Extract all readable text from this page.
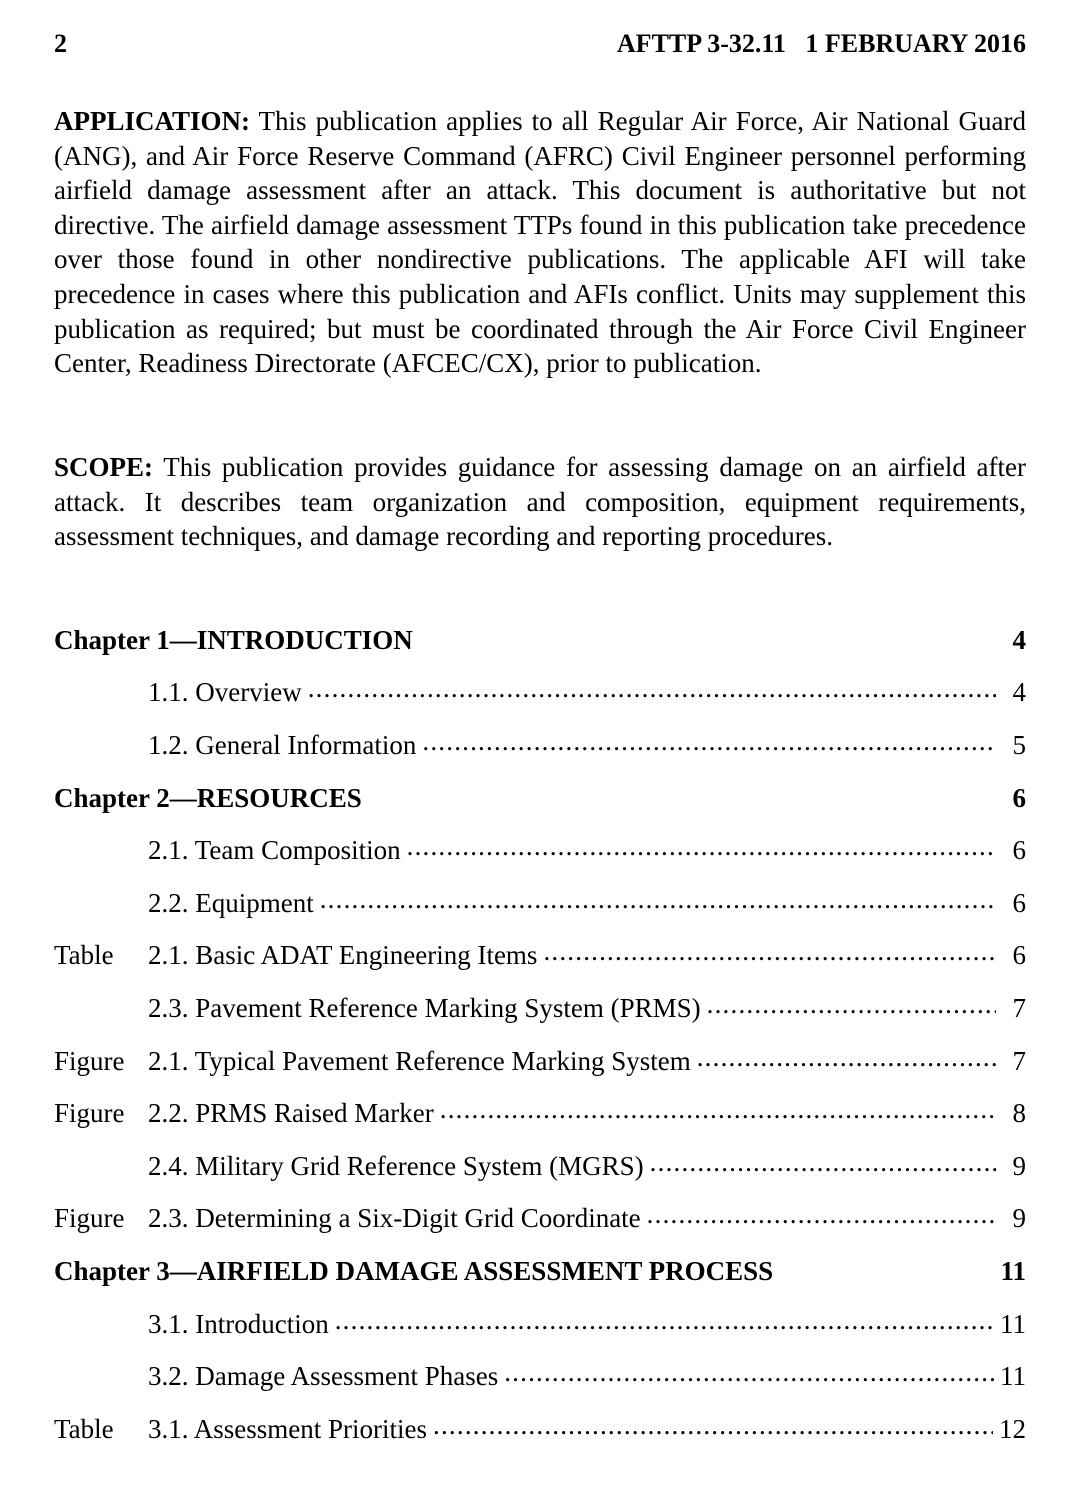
2	AFTTP 3-32.11   1 FEBRUARY 2016

APPLICATION: This publication applies to all Regular Air Force, Air National Guard (ANG), and Air Force Reserve Command (AFRC) Civil Engineer personnel performing airfield damage assessment after an attack. This document is authoritative but not directive. The airfield damage assessment TTPs found in this publication take precedence over those found in other nondirective publications. The applicable AFI will take precedence in cases where this publication and AFIs conflict. Units may supplement this publication as required; but must be coordinated through the Air Force Civil Engineer Center, Readiness Directorate (AFCEC/CX), prior to publication.

SCOPE: This publication provides guidance for assessing damage on an airfield after attack. It describes team organization and composition, equipment requirements, assessment techniques, and damage recording and reporting procedures.

Chapter 1—INTRODUCTION	4
1.1. Overview .....	4
1.2. General Information .....	5
Chapter 2—RESOURCES	6
2.1. Team Composition .....	6
2.2. Equipment .....	6
Table	2.1. Basic ADAT Engineering Items .....	6
2.3. Pavement Reference Marking System (PRMS) .....	7
Figure 2.1. Typical Pavement Reference Marking System .....	7
Figure 2.2. PRMS Raised Marker .....	8
2.4. Military Grid Reference System (MGRS) .....	9
Figure 2.3. Determining a Six-Digit Grid Coordinate .....	9
Chapter 3—AIRFIELD DAMAGE ASSESSMENT PROCESS	11
3.1. Introduction .....	11
3.2. Damage Assessment Phases .....	11
Table	3.1. Assessment Priorities .....	12
